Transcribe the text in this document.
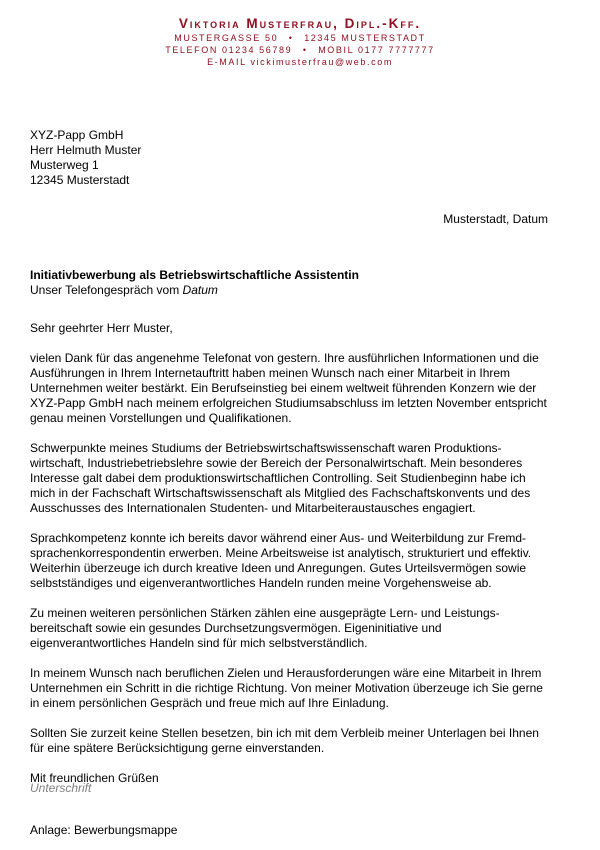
Viktoria Musterfrau, Dipl.-Kff.
MUSTERGASSE 50 • 12345 MUSTERSTADT
TELEFON 01234 56789 • MOBIL 0177 7777777
E-MAIL vickimusterfrau@web.com
XYZ-Papp GmbH
Herr Helmuth Muster
Musterweg 1
12345 Musterstadt
Musterstadt, Datum
Initiativbewerbung als Betriebswirtschaftliche Assistentin
Unser Telefongespräch vom Datum

Sehr geehrter Herr Muster,

vielen Dank für das angenehme Telefonat von gestern. Ihre ausführlichen Informationen und die
Ausführungen in Ihrem Internetauftritt haben meinen Wunsch nach einer Mitarbeit in Ihrem
Unternehmen weiter bestärkt. Ein Berufseinstieg bei einem weltweit führenden Konzern wie der
XYZ-Papp GmbH nach meinem erfolgreichen Studiumsabschluss im letzten November entspricht
genau meinen Vorstellungen und Qualifikationen.

Schwerpunkte meines Studiums der Betriebswirtschaftswissenschaft waren Produktions-
wirtschaft, Industriebetriebslehre sowie der Bereich der Personalwirtschaft. Mein besonderes
Interesse galt dabei dem produktionswirtschaftlichen Controlling. Seit Studienbeginn habe ich
mich in der Fachschaft Wirtschaftswissenschaft als Mitglied des Fachschaftskonvents und des
Ausschusses des Internationalen Studenten- und Mitarbeiteraustausches engagiert.

Sprachkompetenz konnte ich bereits davor während einer Aus- und Weiterbildung zur Fremd-
sprachenkorrespondentin erwerben. Meine Arbeitsweise ist analytisch, strukturiert und effektiv.
Weiterhin überzeuge ich durch kreative Ideen und Anregungen. Gutes Urteilsvermögen sowie
selbstständiges und eigenverantwortliches Handeln runden meine Vorgehensweise ab.

Zu meinen weiteren persönlichen Stärken zählen eine ausgeprägte Lern- und Leistungs-
bereitschaft sowie ein gesundes Durchsetzungsvermögen. Eigeninitiative und
eigenverantwortliches Handeln sind für mich selbstverständlich.

In meinem Wunsch nach beruflichen Zielen und Herausforderungen wäre eine Mitarbeit in Ihrem
Unternehmen ein Schritt in die richtige Richtung. Von meiner Motivation überzeuge ich Sie gerne
in einem persönlichen Gespräch und freue mich auf Ihre Einladung.

Sollten Sie zurzeit keine Stellen besetzen, bin ich mit dem Verbleib meiner Unterlagen bei Ihnen
für eine spätere Berücksichtigung gerne einverstanden.

Mit freundlichen Grüßen

Unterschrift
Anlage: Bewerbungsmappe
